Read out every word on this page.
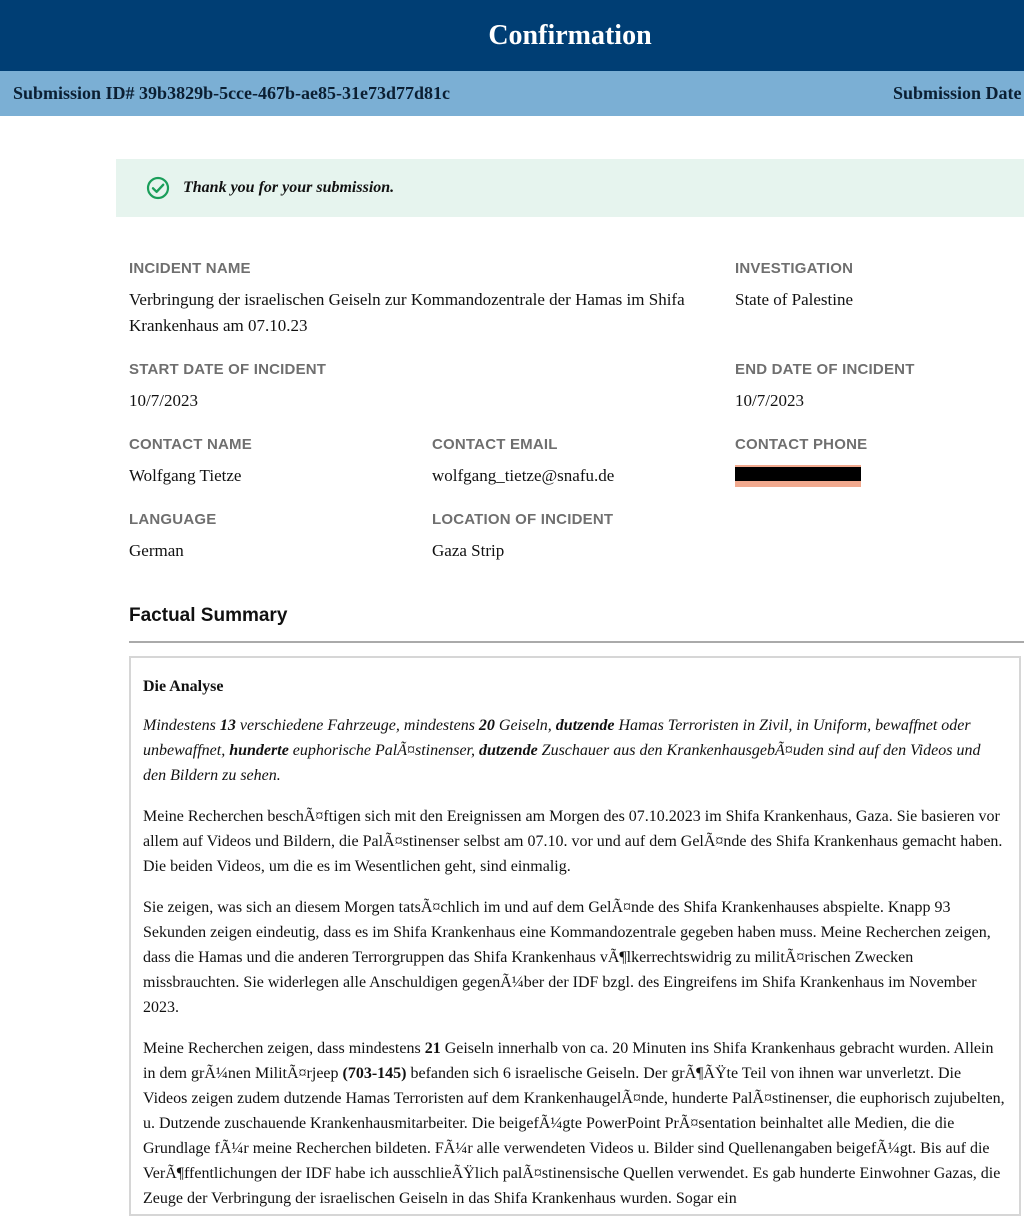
Confirmation
Submission ID# 39b3829b-5cce-467b-ae85-31e73d77d81c	Submission Date
Thank you for your submission.
INCIDENT NAME
Verbringung der israelischen Geiseln zur Kommandozentrale der Hamas im Shifa Krankenhaus am 07.10.23
INVESTIGATION
State of Palestine
START DATE OF INCIDENT
10/7/2023
END DATE OF INCIDENT
10/7/2023
CONTACT NAME
Wolfgang Tietze
CONTACT EMAIL
wolfgang_tietze@snafu.de
CONTACT PHONE
LANGUAGE
German
LOCATION OF INCIDENT
Gaza Strip
Factual Summary

Die Analyse

Mindestens 13 verschiedene Fahrzeuge, mindestens 20 Geiseln, dutzende Hamas Terroristen in Zivil, in Uniform, bewaffnet oder unbewaffnet, hunderte euphorische PalÃ¤stinenser, dutzende Zuschauer aus den KrankenhausgebÃ¤uden sind auf den Videos und den Bildern zu sehen.

Meine Recherchen beschÃ¤ftigen sich mit den Ereignissen am Morgen des 07.10.2023 im Shifa Krankenhaus, Gaza. Sie basieren vor allem auf Videos und Bildern, die PalÃ¤stinenser selbst am 07.10. vor und auf dem GelÃ¤nde des Shifa Krankenhaus gemacht haben. Die beiden Videos, um die es im Wesentlichen geht, sind einmalig.

Sie zeigen, was sich an diesem Morgen tatsÃ¤chlich im und auf dem GelÃ¤nde des Shifa Krankenhauses abspielte. Knapp 93 Sekunden zeigen eindeutig, dass es im Shifa Krankenhaus eine Kommandozentrale gegeben haben muss. Meine Recherchen zeigen, dass die Hamas und die anderen Terrorgruppen das Shifa Krankenhaus vÃ¶lkerrechtswidrig zu militÃ¤rischen Zwecken missbrauchten. Sie widerlegen alle Anschuldigen gegenÃ¼ber der IDF bzgl. des Eingreifens im Shifa Krankenhaus im November 2023.

Meine Recherchen zeigen, dass mindestens 21 Geiseln innerhalb von ca. 20 Minuten ins Shifa Krankenhaus gebracht wurden. Allein in dem grÃ¼nen MilitÃ¤rjeep (703-145) befanden sich 6 israelische Geiseln. Der grÃ¶ÃŸte Teil von ihnen war unverletzt. Die Videos zeigen zudem dutzende Hamas Terroristen auf dem KrankenhaugelÃ¤nde, hunderte PalÃ¤stinenser, die euphorisch zujubelten, u. Dutzende zuschauende Krankenhausmitarbeiter. Die beigefÃ¼gte PowerPoint PrÃ¤sentation beinhaltet alle Medien, die die Grundlage fÃ¼r meine Recherchen bildeten. FÃ¼r alle verwendeten Videos u. Bilder sind Quellenangaben beigefÃ¼gt. Bis auf die VerÃ¶ffentlichungen der IDF habe ich ausschlieÃŸlich palÃ¤stinensische Quellen verwendet. Es gab hunderte Einwohner Gazas, die Zeuge der Verbringung der israelischen Geiseln in das Shifa Krankenhaus wurden. Sogar ein
